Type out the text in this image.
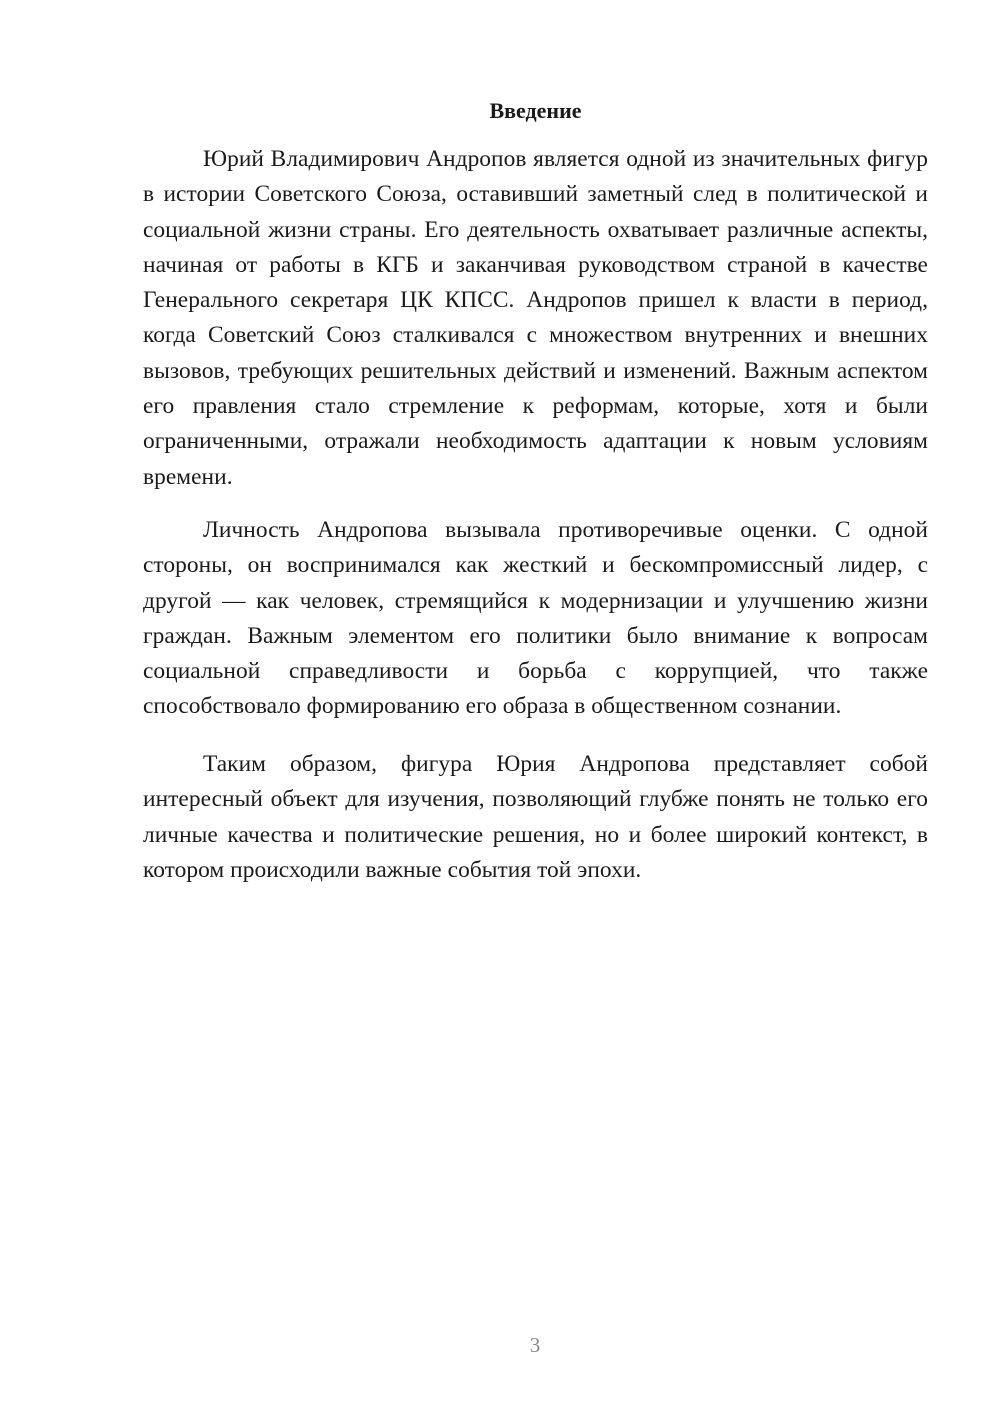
Введение

Юрий Владимирович Андропов является одной из значительных фигур в истории Советского Союза, оставивший заметный след в политической и социальной жизни страны. Его деятельность охватывает различные аспекты, начиная от работы в КГБ и заканчивая руководством страной в качестве Генерального секретаря ЦК КПСС. Андропов пришел к власти в период, когда Советский Союз сталкивался с множеством внутренних и внешних вызовов, требующих решительных действий и изменений. Важным аспектом его правления стало стремление к реформам, которые, хотя и были ограниченными, отражали необходимость адаптации к новым условиям времени.

Личность Андропова вызывала противоречивые оценки. С одной стороны, он воспринимался как жесткий и бескомпромиссный лидер, с другой — как человек, стремящийся к модернизации и улучшению жизни граждан. Важным элементом его политики было внимание к вопросам социальной справедливости и борьба с коррупцией, что также способствовало формированию его образа в общественном сознании.

Таким образом, фигура Юрия Андропова представляет собой интересный объект для изучения, позволяющий глубже понять не только его личные качества и политические решения, но и более широкий контекст, в котором происходили важные события той эпохи.

3
